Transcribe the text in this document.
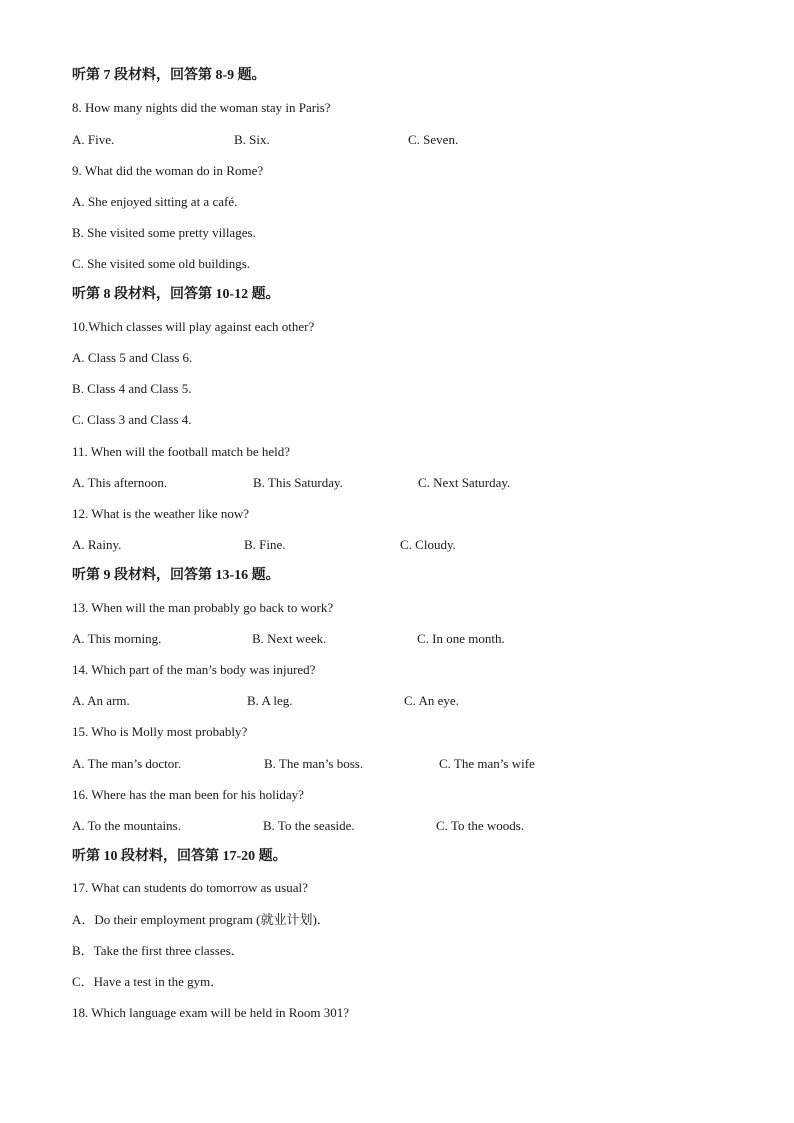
听第 7 段材料，回答第 8-9 题。
8. How many nights did the woman stay in Paris?
A. Five.	B. Six.	C. Seven.
9. What did the woman do in Rome?
A. She enjoyed sitting at a café.
B. She visited some pretty villages.
C. She visited some old buildings.
听第 8 段材料，回答第 10-12 题。
10.Which classes will play against each other?
A. Class 5 and Class 6.
B. Class 4 and Class 5.
C. Class 3 and Class 4.
11. When will the football match be held?
A. This afternoon.	B. This Saturday.	C. Next Saturday.
12. What is the weather like now?
A. Rainy.	B. Fine.	C. Cloudy.
听第 9 段材料，回答第 13-16 题。
13. When will the man probably go back to work?
A. This morning.	B. Next week.	C. In one month.
14. Which part of the man’s body was injured?
A. An arm.	B. A leg.	C. An eye.
15. Who is Molly most probably?
A. The man’s doctor.	B. The man’s boss.	C. The man’s wife
16. Where has the man been for his holiday?
A. To the mountains.	B. To the seaside.	C. To the woods.
听第 10 段材料，回答第 17-20 题。
17. What can students do tomorrow as usual?
A．Do their employment program (就业计划)．
B．Take the first three classes．
C．Have a test in the gym．
18. Which language exam will be held in Room 301?
